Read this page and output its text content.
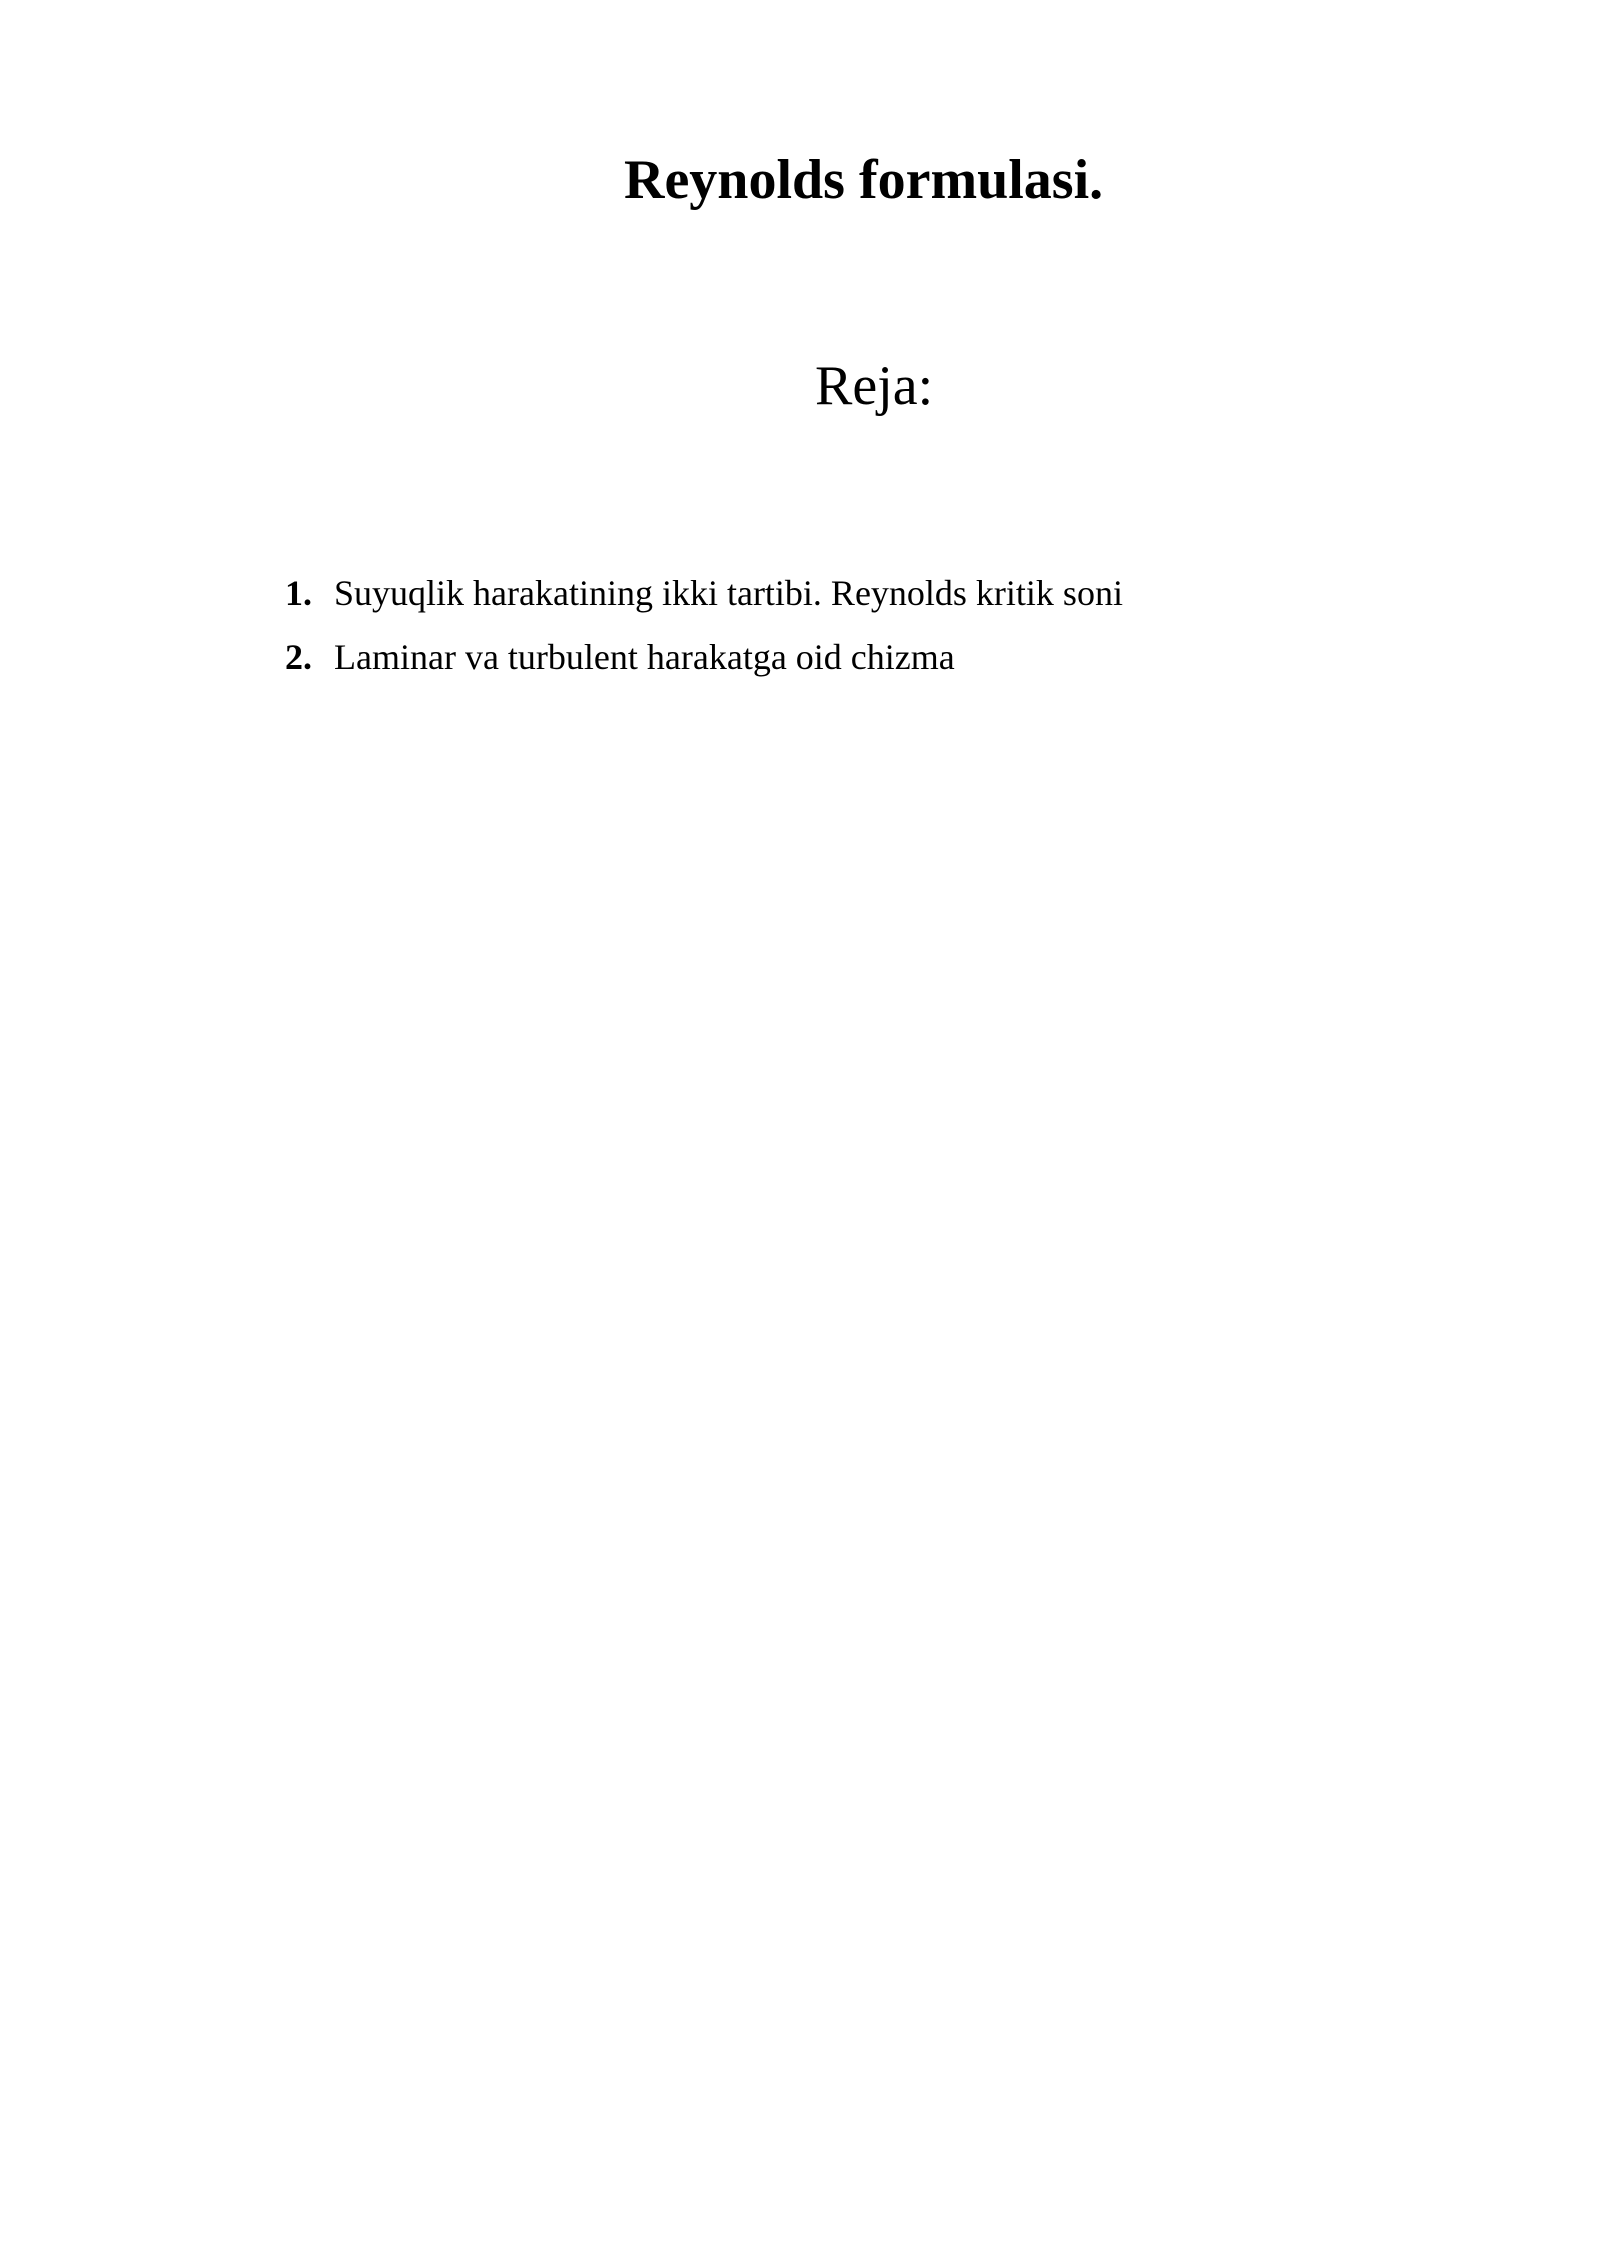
Reynolds formulasi.
Reja:
1. Suyuqlik harakatining ikki tartibi. Reynolds kritik soni
2. Laminar va turbulent harakatga oid chizma
